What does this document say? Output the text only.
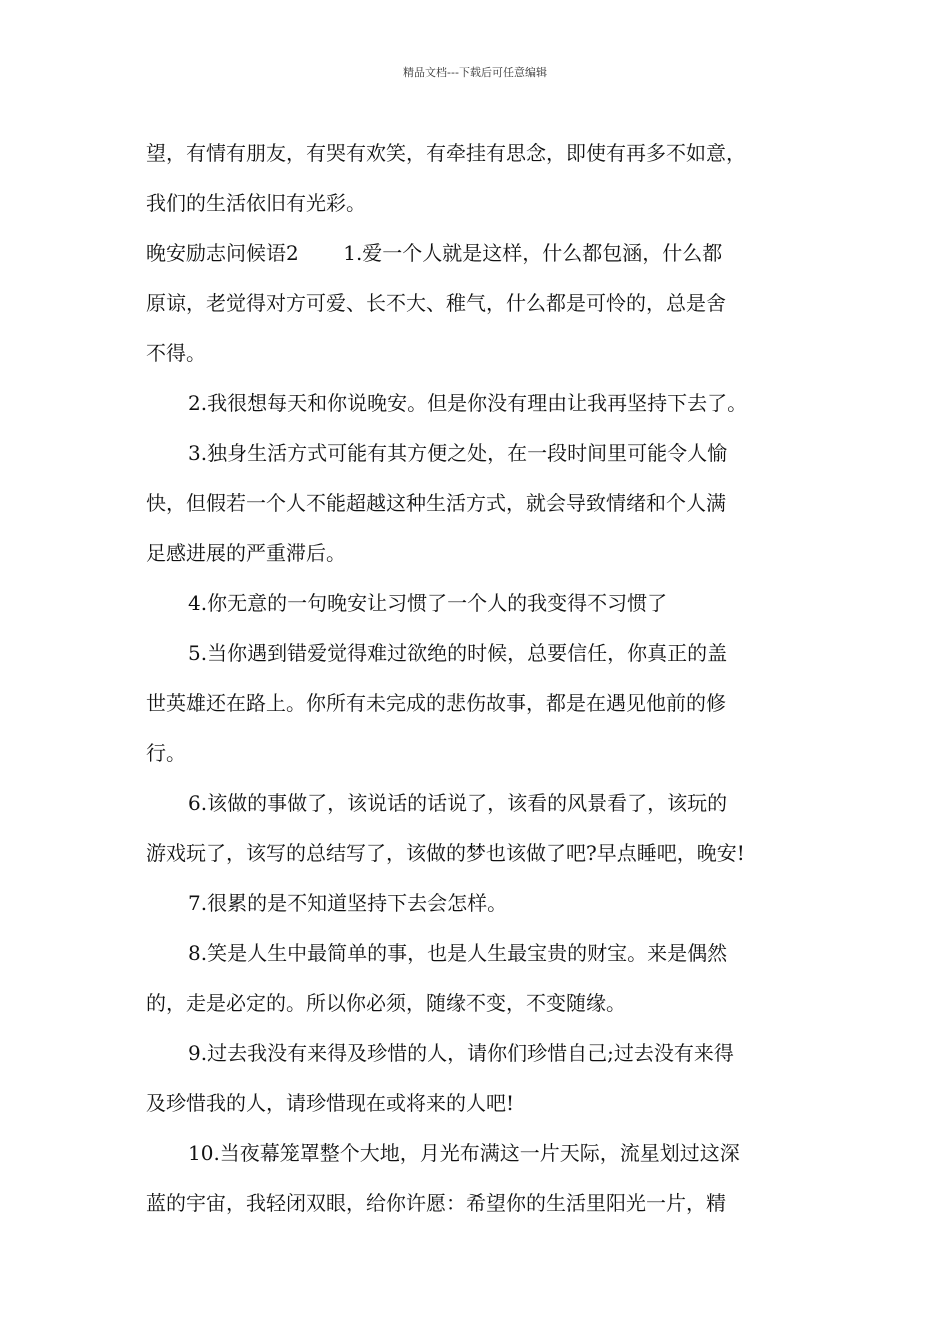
精品文档---下载后可任意编辑
望，有情有朋友，有哭有欢笑，有牵挂有思念，即使有再多不如意，
我们的生活依旧有光彩。
晚安励志问候语2       1.爱一个人就是这样，什么都包涵，什么都
原谅，老觉得对方可爱、长不大、稚气，什么都是可怜的，总是舍
不得。
2.我很想每天和你说晚安。但是你没有理由让我再坚持下去了。
3.独身生活方式可能有其方便之处，在一段时间里可能令人愉
快，但假若一个人不能超越这种生活方式，就会导致情绪和个人满
足感进展的严重滞后。
4.你无意的一句晚安让习惯了一个人的我变得不习惯了
5.当你遇到错爱觉得难过欲绝的时候，总要信任，你真正的盖
世英雄还在路上。你所有未完成的悲伤故事，都是在遇见他前的修
行。
6.该做的事做了，该说话的话说了，该看的风景看了，该玩的
游戏玩了，该写的总结写了，该做的梦也该做了吧?早点睡吧，晚安!
7.很累的是不知道坚持下去会怎样。
8.笑是人生中最简单的事，也是人生最宝贵的财宝。来是偶然
的，走是必定的。所以你必须，随缘不变，不变随缘。
9.过去我没有来得及珍惜的人，请你们珍惜自己;过去没有来得
及珍惜我的人，请珍惜现在或将来的人吧!
10.当夜幕笼罩整个大地，月光布满这一片天际，流星划过这深
蓝的宇宙，我轻闭双眼，给你许愿：希望你的生活里阳光一片，精
